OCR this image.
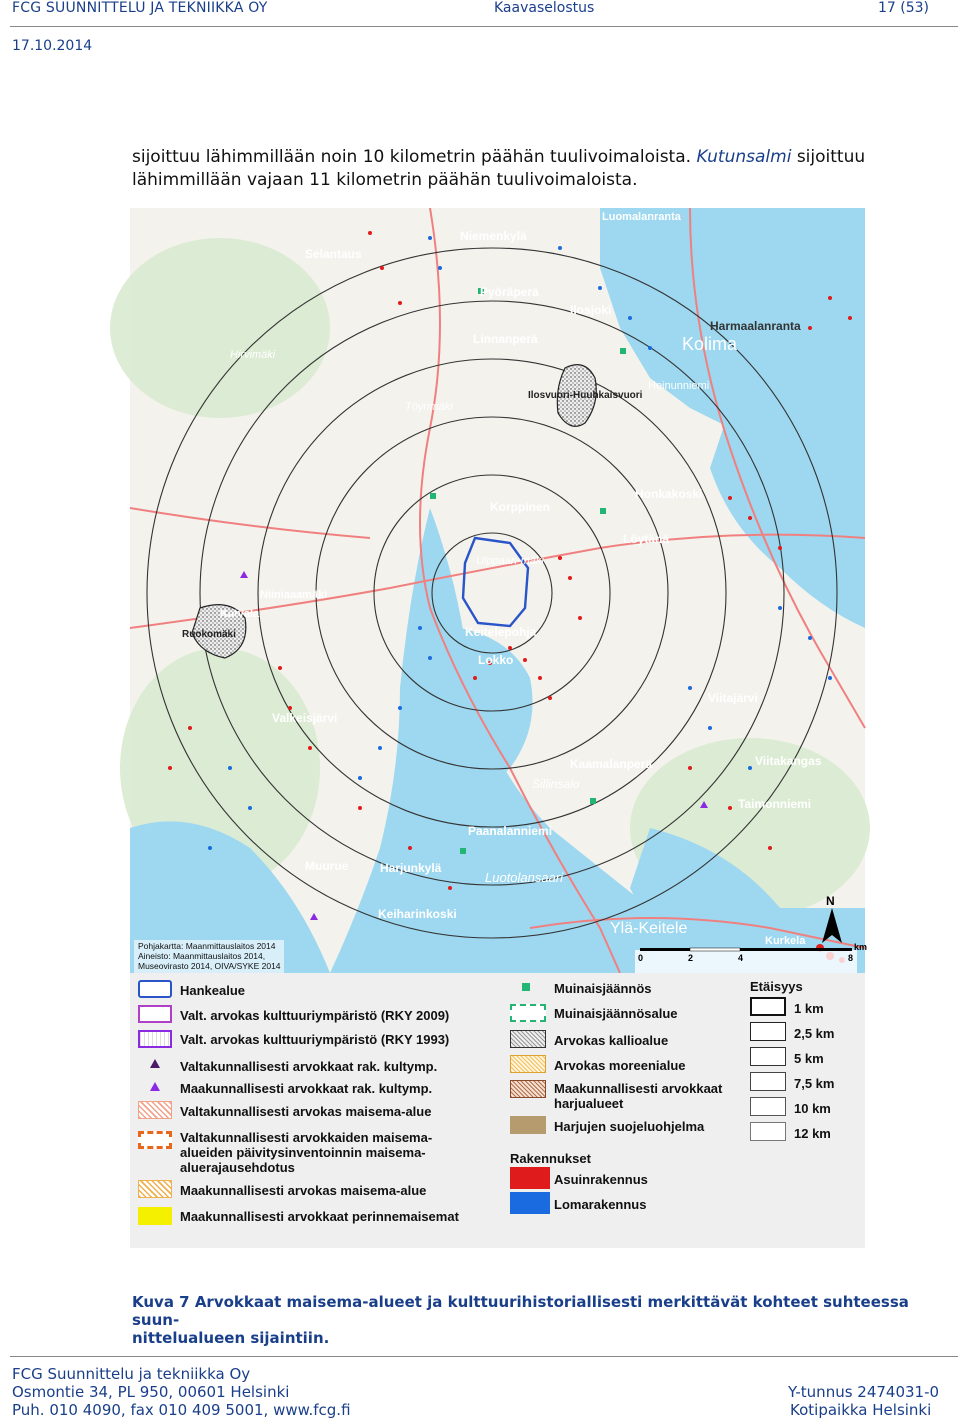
FCG SUUNNITTELU JA TEKNIIKKA OY	Kaavaselostus	17 (53)
17.10.2014
sijoittuu lähimmillään noin 10 kilometrin päähän tuulivoimaloista. Kutunsalmi sijoittuu
lähimmillään vajaan 11 kilometrin päähän tuulivoimaloista.
Ilosvuori-Huuhkaisvuori
Ruokomäki
Kolima
Keitelepohja
Lokko
Harmaalanranta
Honkakoski
Löytänä
Valkeisjärvi
Viitakangas
Taimonniemi
Paanalanniemi
Luotolansaari
Keiharinkoski
Ylä-Keitele
Niemenkylä
Selantaus
Linnanperä
Korppinen
Viitajärvi
Kaamalanperä
Sillinsalo
Muurue	Harjunkylä
Pyöräperä
Ilosjoki
Kurkela
Hirvimäki
Töyrimäki
Niiniaaamäki
Katvala
Luomalanranta
Ulppaan-mäki
Heinunniemi
Pohjakartta: Maanmittauslaitos 2014
Aineisto: Maanmittauslaitos 2014,
Museovirasto 2014, OIVA/SYKE 2014
0	2	4	8
km
N
Hankealue
Valt. arvokas kulttuuriympäristö (RKY 2009)
Valt. arvokas kulttuuriympäristö (RKY 1993)
Valtakunnallisesti arvokkaat rak. kultymp.
Maakunnallisesti arvokkaat rak. kultymp.
Valtakunnallisesti arvokas maisema-alue
Valtakunnallisesti arvokkaiden maisema-alueiden päivitysinventoinnin maisema-aluerajausehdotus
Maakunnallisesti arvokas maisema-alue
Maakunnallisesti arvokkaat perinnemaisemat
Muinaisjäännös
Muinaisjäännösalue
Arvokas kallioalue
Arvokas moreenialue
Maakunnallisesti arvokkaat harjualueet
Harjujen suojeluohjelma
Rakennukset
Asuinrakennus
Lomarakennus
Etäisyys
1 km
2,5 km
5 km
7,5 km
10 km
12 km
Kuva 7 Arvokkaat maisema-alueet ja kulttuurihistoriallisesti merkittävät kohteet suhteessa suun-
nittelualueen sijaintiin.
FCG Suunnittelu ja tekniikka Oy
Osmontie 34, PL 950, 00601 Helsinki
Puh. 010 4090, fax 010 409 5001, www.fcg.fi
Y-tunnus 2474031-0
Kotipaikka Helsinki
